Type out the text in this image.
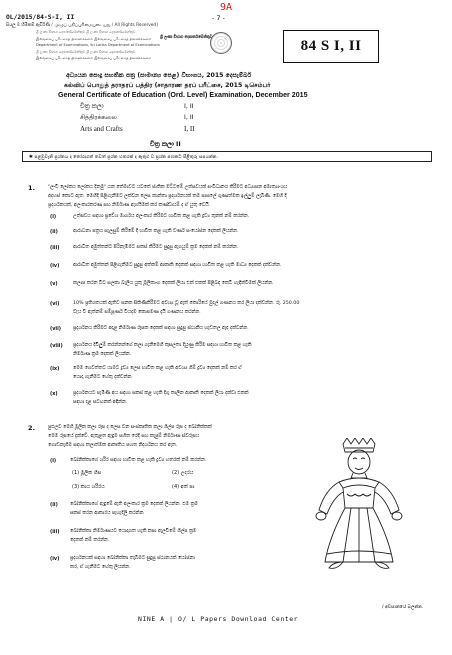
OL/2015/84-S-I, II	- 7 -
9A
සියලු ම හිමිකම් ඇවිරිණි / முழுப் பதிப்புரிமையுடையது / All Rights Reserved]
ශ්‍රී ලංකා විභාග දෙපාර්තමේන්තුව ශ්‍රී ලංකා විභාග දෙපාර්තමේන්තුව
இலங்கைப் பரீட்சைத் திணைக்களம் இலங்கைப் பரீட்சைத் திணைக்களம்
Department of Examinations, Sri Lanka Department of Examinations
ශ්‍රී ලංකා විභාග දෙපාර්තමේන්තුව ශ්‍රී ලංකා විභාග දෙපාර්තමේන්තුව
இலங்கைப் பரீட்சைத் திணைக்களம் இலங்கைப் பரீட்சைத் திணைக்களம்
ශ්‍රී ලංකා විභාග දෙපාර්තමේන්තුව
84 S I, II
අධ්‍යයන පොදු සහතික පත්‍ර (සාමාන්‍ය පෙළ) විභාගය, 2015 දෙසැම්බර්
கல்விப் பொதுத் தராதரப் பத்திர (சாதாரண தரப் பரீட்சை, 2015 டிசெம்பர்
General Certificate of Education (Ord. Level) Examination, December 2015
චිත්‍ර කලා	I, II
சித்திரக்கலை	I, II
Arts and Crafts	I, II
චිත්‍ර කලා II
✱ පළමුවැනි ප්‍රශ්නය ද තෝරාගත් තවත් ප්‍රශ්න හතරක් ද ඇතුළු ව ප්‍රශ්න පහකට පිළිතුරු සපයන්න.
1.	"ලංවී ලෝකය ලෝකය දිනමු" යන තේමාවට යටතේ ජාතික මට්ටමේ උත්සවයක් සංවිධානය කිරීමට අධ්‍යාපන අමාත්‍යාංශය
අදහස් කොට ඇත. මෙහිදී පිළිගැනීමට ලක්වන ලෙස කාන්තා ප්‍රදර්ශනයක් තම පාසලේ ගුණාත්මක ඉල්ලුම් ලැබිණි. මෙහි දී
ප්‍රදර්ශනයක්, අලංකාරකරණ සහ නිර්මාණ ඇගයීමක් කර කණ්ඩායම් ද ඒ යුතු වෙයි.
(i)	උත්සවය සඳහා ප්‍රවේශ මාර්ගය අලංකාර කිරීමට භාවිත කළ හැකි ද්‍රව්‍ය තුනක් නම් කරන්න.
(ii)	ආරාධනා පත්‍රය සැලසුම් කිරීමේ දී භාවිත කළ හැකි වර්ණ සංයෝජන දෙකක් ලියන්න.
(iii)	ආරාධිත අමුත්තන්ට පිරිනැමීමට සකස් කිරීමට සුදුසු ඇගයුම් ක්‍රම දෙකක් නම් කරන්න.
(iv)	ආරාධිත අමුත්තන් පිළිගැනීමට සුදුසු අත්කම් ආකෘති දෙකක් සඳහා භාවිත කළ හැකි මාධ්‍ය දෙකක් දක්වන්න.
(v)	කලාප කරන විට සලකා බැලිය යුතු මූලිකාංග දෙකක් ලියා එක් එකක් පිළිබඳ කෙටි හැඳින්වීමක් ලියන්න.
(vi)	10% ප්‍රතිශතයක් ඇතිව ඝනක සිකිණිකිරීමට අවශ්‍ය වූ ඇත් කොරියේ මුදල් ගණනය කර ලියා දක්වන්න. රු. 250.00
වැය වී ඇත්නම් සම්පූර්ණ වියදම කොපමණ දැයි ගණනය කරන්න.
(vii)	ප්‍රදර්ශනය කිරීමට අදාළ නිර්මාණ රූපක දෙකක් සඳහා සුදුසු ස්ථානීය හැඩතල ඇඳ දක්වන්න.
(viii) ප්‍රදර්ශනය දිවිලුම් කරන්නන්ගේ කලා ගැනීමෙහි කුසලතා දියුණු කිරීම සඳහා භාවිත කළ හැකි
නිර්මාණ ක්‍රම දෙකක් ලියන්න.
(ix)	මෙම ගෙවත්තට යාමට ද්‍රව්‍ය ලෙස භාවිත කළ හැකි අවශ්‍ය ගිම් ද්‍රව්‍ය දෙකක් නම් කර ඒ
යොදා ගැනීමට හේතු දක්වන්න.
(x)	ප්‍රදර්ශනයට පැමිණි අය සඳහා සකස් කළ හැකි දිගු කාලීන ආකෘති දෙකක් ලියා දක්වා එකක්
සඳහා දළ සටහනක් අඳින්න.
2.	පුළුලට මෙහි මූලික කලා රූප ද ලෙස වන සංස්කෘතික කලා ශිල්ප රූප ද බෝනික්කක්
මෙම රූපයේ දැක්වේ. ඇතුළත ඇඳුම සහිත රෙදි සහ කැපුම් නිර්මාණ ස්වරූපය
ගොඩනැගීම සඳහා කලාත්මක ආකෘතිය පහත නිදර්ශනය කර ඇත.
(i)	බෝනික්කාගේ ශරීර සඳහා භාවිත කළ හැකි ද්‍රව්‍ය හතරක් නම් කරන්න.
(1) මූලික හිස	(2) උදරය
(3) කාය ශරීරය	(4) අත් පා
(ii)	බෝනික්කාගේ ඇඳුමේ ඇති අලංකාර ක්‍රම දෙකක් ලියන්න. එම ක්‍රම
සකස් කරන ආකාරය පැහැදිලි කරන්න.
(iii) බෝනික්කා නිර්මාණයට යොදාගත හැකි කපා ඇලවීමේ ශිල්ප ක්‍රම
දෙකක් නම් කරන්න.
(iv) ප්‍රදර්ශනයක් සඳහා බෝනික්කා තැබීමට සුදුසු ස්ථානයක් යෝජනා
කර, ඒ ගැනීමට හේතු ලියන්න.
/ අවසානයේ බලන්න.
NINE A | O/ L Papers Download Center
